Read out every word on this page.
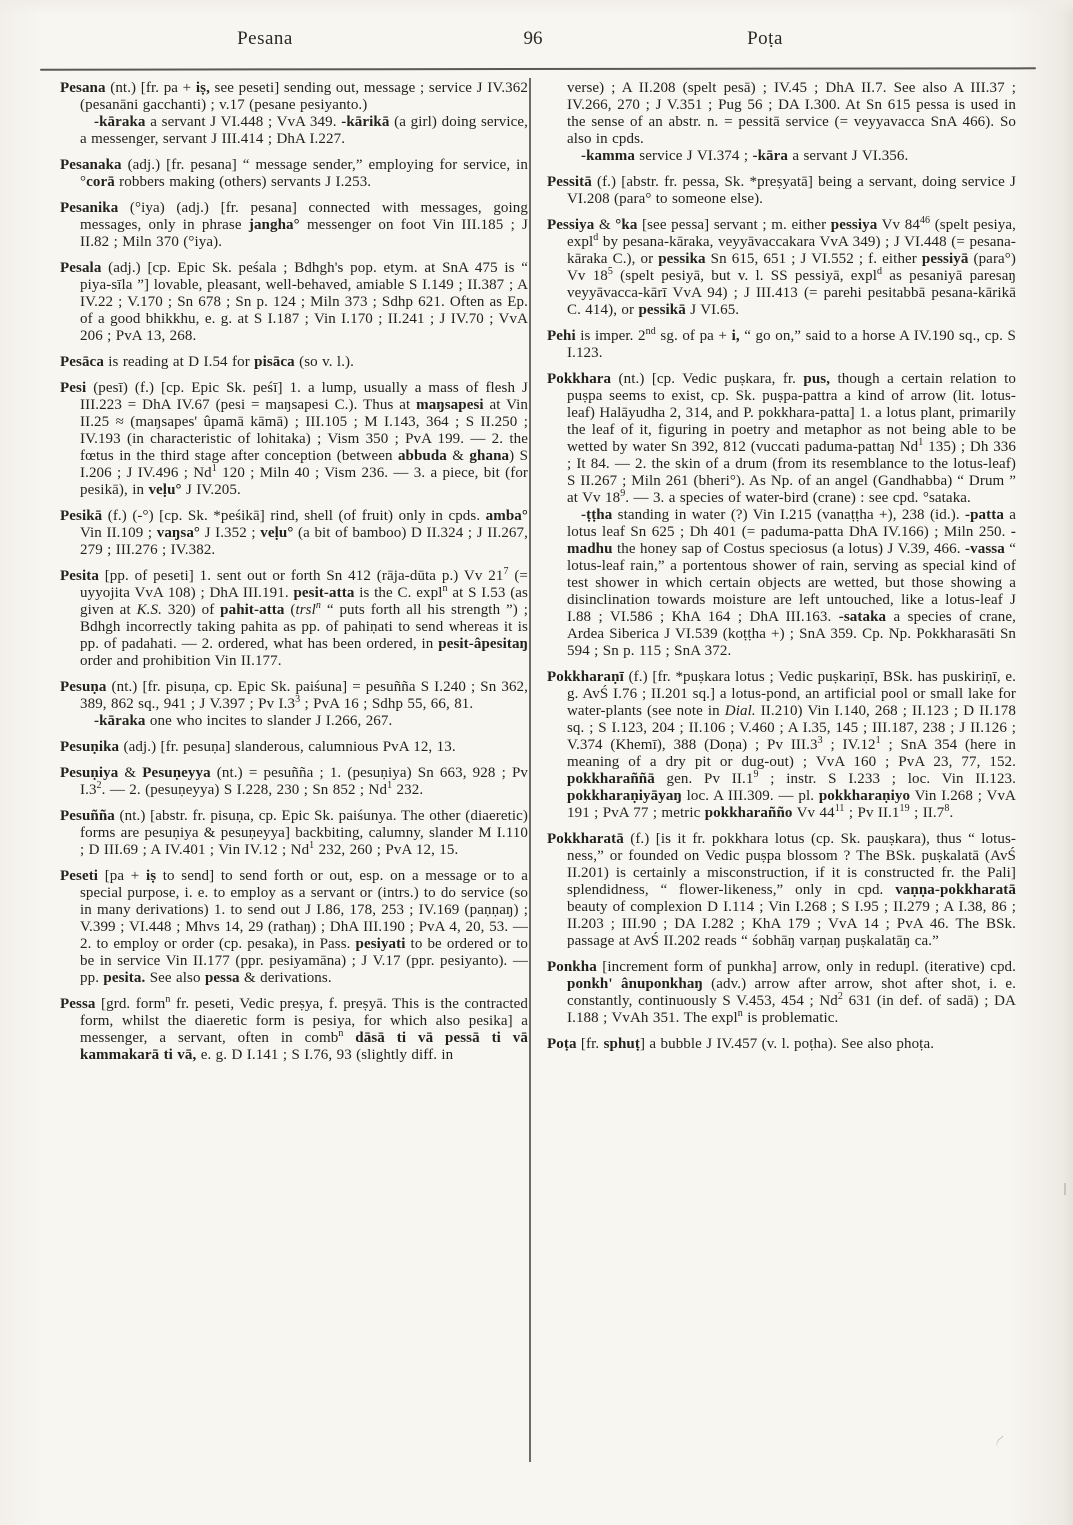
Pesana	96	Poṭa

Pesana (nt.) [fr. pa + iṣ, see peseti] sending out, message ; service J IV.362 (pesanāni gacchanti) ; v.17 (pesane pesiyanto.)

-kāraka a servant J VI.448 ; VvA 349. -kārikā (a girl) doing service, a messenger, servant J III.414 ; DhA I.227.

Pesanaka (adj.) [fr. pesana] “ message sender,” employing for service, in °corā robbers making (others) servants J I.253.

Pesanika (°iya) (adj.) [fr. pesana] connected with messages, going messages, only in phrase jangha° messenger on foot Vin III.185 ; J II.82 ; Miln 370 (°iya).

Pesala (adj.) [cp. Epic Sk. peśala ; Bdhgh's pop. etym. at SnA 475 is “ piya-sīla ”] lovable, pleasant, well-behaved, amiable S I.149 ; II.387 ; A IV.22 ; V.170 ; Sn 678 ; Sn p. 124 ; Miln 373 ; Sdhp 621. Often as Ep. of a good bhikkhu, e. g. at S I.187 ; Vin I.170 ; II.241 ; J IV.70 ; VvA 206 ; PvA 13, 268.

Pesāca is reading at D I.54 for pisāca (so v. l.).

Pesi (pesī) (f.) [cp. Epic Sk. peśī] 1. a lump, usually a mass of flesh J III.223 = DhA IV.67 (pesi = maŋsapesi C.). Thus at maŋsapesi at Vin II.25 ≈ (maŋsapes' ûpamā kāmā) ; III.105 ; M I.143, 364 ; S II.250 ; IV.193 (in characteristic of lohitaka) ; Vism 350 ; PvA 199. — 2. the fœtus in the third stage after conception (between abbuda & ghana) S I.206 ; J IV.496 ; Nd$^1$ 120 ; Miln 40 ; Vism 236. — 3. a piece, bit (for pesikā), in veḷu° J IV.205.

Pesikā (f.) (-°) [cp. Sk. *peśikā] rind, shell (of fruit) only in cpds. amba° Vin II.109 ; vaŋsa° J I.352 ; veḷu° (a bit of bamboo) D II.324 ; J II.267, 279 ; III.276 ; IV.382.

Pesita [pp. of peseti] 1. sent out or forth Sn 412 (rāja-dūta p.) Vv $21^7$ (= uyyojita VvA 108) ; DhA III.191. pesit-atta is the C. expl$^n$ at S I.53 (as given at K.S. 320) of pahit-atta (trsl$^n$ “ puts forth all his strength ”) ; Bdhgh incorrectly taking pahita as pp. of pahiṇati to send whereas it is pp. of padahati. — 2. ordered, what has been ordered, in pesit-âpesitaŋ order and prohibition Vin II.177.

Pesuṇa (nt.) [fr. pisuṇa, cp. Epic Sk. paiśuna] = pesuñña S I.240 ; Sn 362, 389, 862 sq., 941 ; J V.397 ; Pv $I.3^3$ ; PvA 16 ; Sdhp 55, 66, 81.

-kāraka one who incites to slander J I.266, 267.

Pesuṇika (adj.) [fr. pesuṇa] slanderous, calumnious PvA 12, 13.

Pesuṇiya & Pesuṇeyya (nt.) = pesuñña ; 1. (pesuṇiya) Sn 663, 928 ; Pv $I.3^2$. — 2. (pesuṇeyya) S I.228, 230 ; Sn 852 ; Nd$^1$ 232.

Pesuñña (nt.) [abstr. fr. pisuṇa, cp. Epic Sk. paiśunya. The other (diaeretic) forms are pesuṇiya & pesuṇeyya] backbiting, calumny, slander M I.110 ; D III.69 ; A IV.401 ; Vin IV.12 ; Nd$^1$ 232, 260 ; PvA 12, 15.

Peseti [pa + iṣ to send] to send forth or out, esp. on a message or to a special purpose, i. e. to employ as a servant or (intrs.) to do service (so in many derivations) 1. to send out J I.86, 178, 253 ; IV.169 (paṇṇaŋ) ; V.399 ; VI.448 ; Mhvs 14, 29 (rathaŋ) ; DhA III.190 ; PvA 4, 20, 53. — 2. to employ or order (cp. pesaka), in Pass. pesiyati to be ordered or to be in service Vin II.177 (ppr. pesiyamāna) ; J V.17 (ppr. pesiyanto). — pp. pesita. See also pessa & derivations.

Pessa [grd. form$^n$ fr. peseti, Vedic preṣya, f. preṣyā. This is the contracted form, whilst the diaeretic form is pesiya, for which also pesika] a messenger, a servant, often in comb$^n$ dāsā ti vā pessā ti vā kammakarā ti vā, e. g. D I.141 ; S I.76, 93 (slightly diff. in

verse) ; A II.208 (spelt pesā) ; IV.45 ; DhA II.7. See also A III.37 ; IV.266, 270 ; J V.351 ; Pug 56 ; DA I.300. At Sn 615 pessa is used in the sense of an abstr. n. = pessitā service (= veyyavacca SnA 466). So also in cpds.

-kamma service J VI.374 ; -kāra a servant J VI.356.

Pessitā (f.) [abstr. fr. pessa, Sk. *preṣyatā] being a servant, doing service J VI.208 (para° to someone else).

Pessiya & °ka [see pessa] servant ; m. either pessiya Vv $84^{46}$ (spelt pesiya, expl$^d$ by pesana-kāraka, veyyāvaccakara VvA 349) ; J VI.448 (= pesana-kāraka C.), or pessika Sn 615, 651 ; J VI.552 ; f. either pessiyā (para°) Vv $18^5$ (spelt pesiyā, but v. l. SS pessiyā, expl$^d$ as pesaniyā paresaŋ veyyāvacca-kārī VvA 94) ; J III.413 (= parehi pesitabbā pesana-kārikā C. 414), or pessikā J VI.65.

Pehi is imper. 2nd sg. of pa + i, “ go on,” said to a horse A IV.190 sq., cp. S I.123.

Pokkhara (nt.) [cp. Vedic puṣkara, fr. pus, though a certain relation to puṣpa seems to exist, cp. Sk. puṣpa-pattra a kind of arrow (lit. lotus-leaf) Halāyudha 2, 314, and P. pokkhara-patta] 1. a lotus plant, primarily the leaf of it, figuring in poetry and metaphor as not being able to be wetted by water Sn 392, 812 (vuccati paduma-pattaŋ Nd$^1$ 135) ; Dh 336 ; It 84. — 2. the skin of a drum (from its resemblance to the lotus-leaf) S II.267 ; Miln 261 (bheri°). As Np. of an angel (Gandhabba) “ Drum ” at Vv $18^9$. — 3. a species of water-bird (crane) : see cpd. °sataka.

-ṭṭha standing in water (?) Vin I.215 (vanaṭṭha +), 238 (id.). -patta a lotus leaf Sn 625 ; Dh 401 (= paduma-patta DhA IV.166) ; Miln 250. -madhu the honey sap of Costus speciosus (a lotus) J V.39, 466. -vassa “ lotus-leaf rain,” a portentous shower of rain, serving as special kind of test shower in which certain objects are wetted, but those showing a disinclination towards moisture are left untouched, like a lotus-leaf J I.88 ; VI.586 ; KhA 164 ; DhA III.163. -sataka a species of crane, Ardea Siberica J VI.539 (koṭṭha +) ; SnA 359. Cp. Np. Pokkharasāti Sn 594 ; Sn p. 115 ; SnA 372.

Pokkharaṇī (f.) [fr. *puṣkara lotus ; Vedic puṣkariṇī, BSk. has puskiriṇī, e. g. AvŚ I.76 ; II.201 sq.] a lotus-pond, an artificial pool or small lake for water-plants (see note in Dial. II.210) Vin I.140, 268 ; II.123 ; D II.178 sq. ; S I.123, 204 ; II.106 ; V.460 ; A I.35, 145 ; III.187, 238 ; J II.126 ; V.374 (Khemī), 388 (Doṇa) ; Pv $III.3^3$ ; $IV.12^1$ ; SnA 354 (here in meaning of a dry pit or dug-out) ; VvA 160 ; PvA 23, 77, 152. pokkharaññā gen. Pv $II.1^9$ ; instr. S I.233 ; loc. Vin II.123. pokkharaṇiyāyaŋ loc. A III.309. — pl. pokkharaṇiyo Vin I.268 ; VvA 191 ; PvA 77 ; metric pokkharañño Vv $44^{11}$ ; Pv $II.1^{19}$ ; $II.7^8$.

Pokkharatā (f.) [is it fr. pokkhara lotus (cp. Sk. pauṣkara), thus “ lotus-ness,” or founded on Vedic puṣpa blossom ? The BSk. puṣkalatā (AvŚ II.201) is certainly a misconstruction, if it is constructed fr. the Pali] splendidness, “ flower-likeness,” only in cpd. vaṇṇa-pokkharatā beauty of complexion D I.114 ; Vin I.268 ; S I.95 ; II.279 ; A I.38, 86 ; II.203 ; III.90 ; DA I.282 ; KhA 179 ; VvA 14 ; PvA 46. The BSk. passage at AvŚ II.202 reads “ śobhāŋ varṇaŋ puṣkalatāŋ ca.”

Ponkha [increment form of punkha] arrow, only in redupl. (iterative) cpd. ponkh' ânuponkhaŋ (adv.) arrow after arrow, shot after shot, i. e. constantly, continuously S V.453, 454 ; Nd$^2$ 631 (in def. of sadā) ; DA I.188 ; VvAh 351. The expl$^n$ is problematic.

Poṭa [fr. sphuṭ] a bubble J IV.457 (v. l. poṭha). See also phoṭa.
